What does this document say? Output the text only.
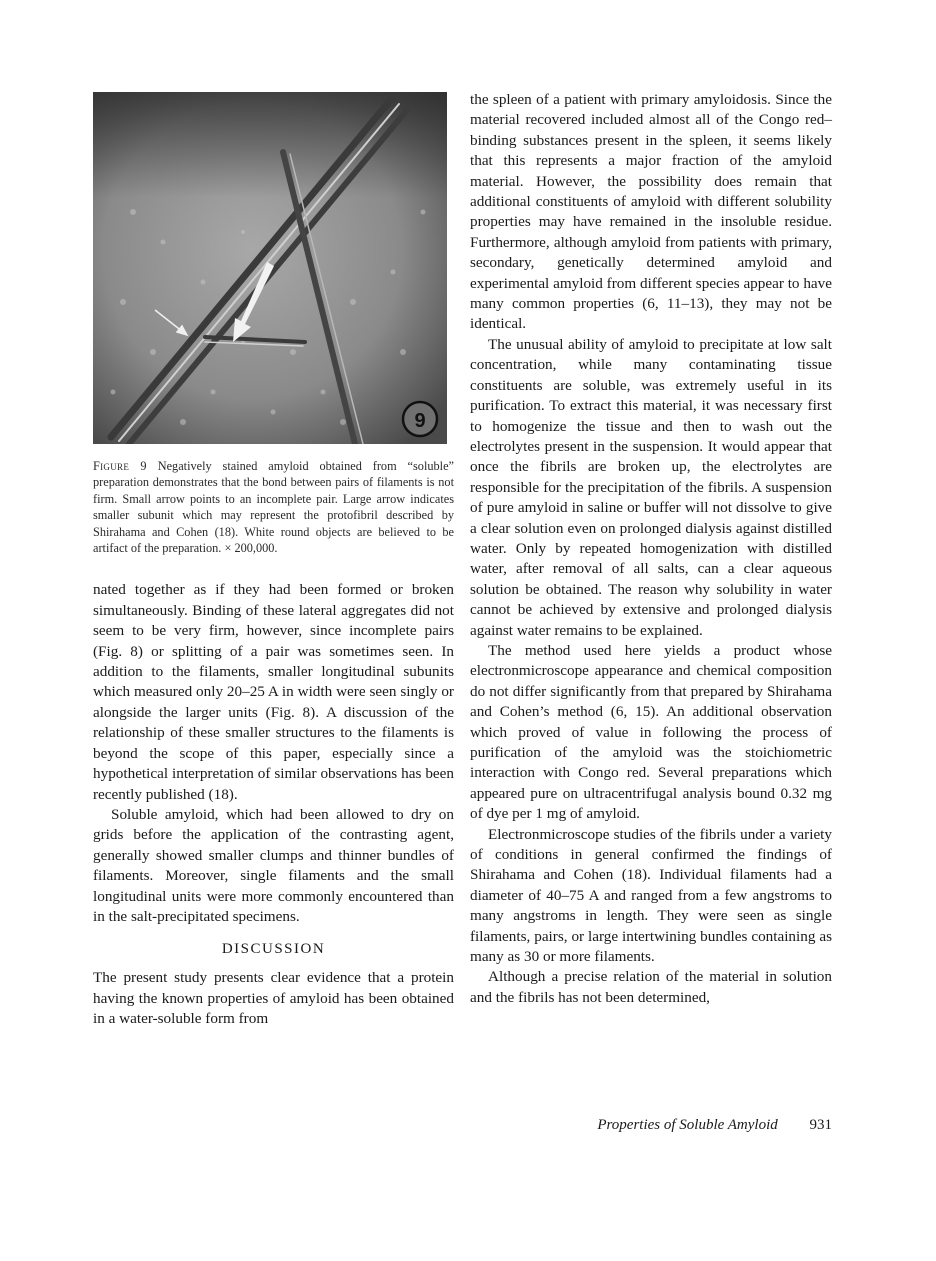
9
Figure 9 Negatively stained amyloid obtained from “soluble” preparation demonstrates that the bond between pairs of filaments is not firm. Small arrow points to an incomplete pair. Large arrow indicates smaller subunit which may represent the protofibril described by Shirahama and Cohen (18). White round objects are believed to be artifact of the preparation. × 200,000.

nated together as if they had been formed or broken simultaneously. Binding of these lateral aggregates did not seem to be very firm, however, since incomplete pairs (Fig. 8) or splitting of a pair was sometimes seen. In addition to the filaments, smaller longitudinal subunits which measured only 20–25 A in width were seen singly or alongside the larger units (Fig. 8). A discussion of the relationship of these smaller structures to the filaments is beyond the scope of this paper, especially since a hypothetical interpretation of similar observations has been recently published (18).

Soluble amyloid, which had been allowed to dry on grids before the application of the contrasting agent, generally showed smaller clumps and thinner bundles of filaments. Moreover, single filaments and the small longitudinal units were more commonly encountered than in the salt-precipitated specimens.

DISCUSSION

The present study presents clear evidence that a protein having the known properties of amyloid has been obtained in a water-soluble form from

the spleen of a patient with primary amyloidosis. Since the material recovered included almost all of the Congo red–binding substances present in the spleen, it seems likely that this represents a major fraction of the amyloid material. However, the possibility does remain that additional constituents of amyloid with different solubility properties may have remained in the insoluble residue. Furthermore, although amyloid from patients with primary, secondary, genetically determined amyloid and experimental amyloid from different species appear to have many common properties (6, 11–13), they may not be identical.

The unusual ability of amyloid to precipitate at low salt concentration, while many contaminating tissue constituents are soluble, was extremely useful in its purification. To extract this material, it was necessary first to homogenize the tissue and then to wash out the electrolytes present in the suspension. It would appear that once the fibrils are broken up, the electrolytes are responsible for the precipitation of the fibrils. A suspension of pure amyloid in saline or buffer will not dissolve to give a clear solution even on prolonged dialysis against distilled water. Only by repeated homogenization with distilled water, after removal of all salts, can a clear aqueous solution be obtained. The reason why solubility in water cannot be achieved by extensive and prolonged dialysis against water remains to be explained.

The method used here yields a product whose electronmicroscope appearance and chemical composition do not differ significantly from that prepared by Shirahama and Cohen’s method (6, 15). An additional observation which proved of value in following the process of purification of the amyloid was the stoichiometric interaction with Congo red. Several preparations which appeared pure on ultracentrifugal analysis bound 0.32 mg of dye per 1 mg of amyloid.

Electronmicroscope studies of the fibrils under a variety of conditions in general confirmed the findings of Shirahama and Cohen (18). Individual filaments had a diameter of 40–75 A and ranged from a few angstroms to many angstroms in length. They were seen as single filaments, pairs, or large intertwining bundles containing as many as 30 or more filaments.

Although a precise relation of the material in solution and the fibrils has not been determined,

Properties of Soluble Amyloid 931
